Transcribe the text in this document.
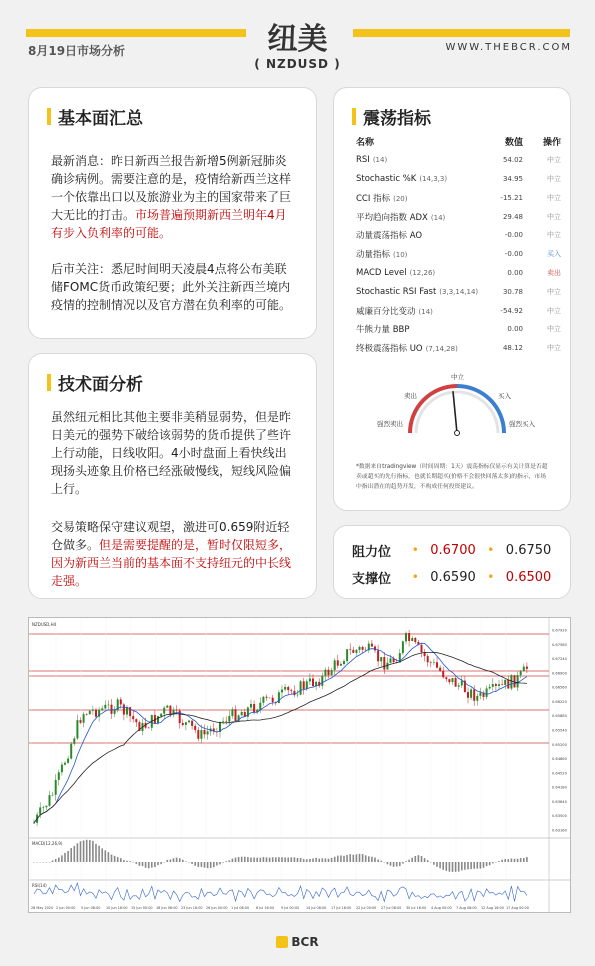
8月19日市场分析	WWW.THEBCR.COM
纽美
( NZDUSD )
基本面汇总
最新消息：昨日新西兰报告新增5例新冠肺炎确诊病例。需要注意的是，疫情给新西兰这样一个依靠出口以及旅游业为主的国家带来了巨大无比的打击。市场普遍预期新西兰明年4月有步入负利率的可能。
后市关注：悉尼时间明天凌晨4点将公布美联储FOMC货币政策纪要；此外关注新西兰境内疫情的控制情况以及官方潜在负利率的可能。
技术面分析
虽然纽元相比其他主要非美稍显弱势，但是昨日美元的强势下破给该弱势的货币提供了些许上行动能，日线收阳。4小时盘面上看快线出现扬头迹象且价格已经涨破慢线，短线风险偏上行。
交易策略保守建议观望，激进可0.659附近轻仓做多。但是需要提醒的是，暂时仅限短多，因为新西兰当前的基本面不支持纽元的中长线走强。
震荡指标
名称	数值	操作
RSI (14)	54.02	中立
Stochastic %K (14,3,3)	34.95	中立
CCI 指标 (20)	-15.21	中立
平均趋向指数 ADX (14)	29.48	中立
动量震荡指标 AO	-0.00	中立
动量指标 (10)	-0.00	买入
MACD Level (12,26)	0.00	卖出
Stochastic RSI Fast (3,3,14,14)	30.78	中立
威廉百分比变动 (14)	-54.92	中立
牛熊力量 BBP	0.00	中立
终极震荡指标 UO (7,14,28)	48.12	中立
中立
卖出	买入
强烈卖出	强烈买入
*数据来自tradingview（时间周期：1天）震荡指标仅显示有关计算是否超卖或超买的先行指标，也就长期超买(价格不会很快回落太多)的指示，市场中指出潜在的趋势开发，不构成任何投资建议。
阻力位	• 0.6700 • 0.6750
支撑位	• 0.6590 • 0.6500
NZDUSD,H4
MACD(12,26,9)
RSI(14)
0.67920
0.67580
0.67240
0.66900
0.66560
0.66220
0.65880
0.65540
0.65200
0.64860
0.64520
0.64180
0.63840
0.63500
0.63160
28 May 2020 2 Jun 00:00 5 Jun 08:00 10 Jun 16:00 15 Jun 00:00 18 Jun 08:00 23 Jun 16:00 26 Jun 00:00 1 Jul 08:00 6 Jul 16:00 9 Jul 00:00 14 Jul 08:00 17 Jul 16:00 22 Jul 00:00 27 Jul 08:00 30 Jul 16:00 4 Aug 00:00 7 Aug 08:00 12 Aug 16:00 17 Aug 00:00
BCR
